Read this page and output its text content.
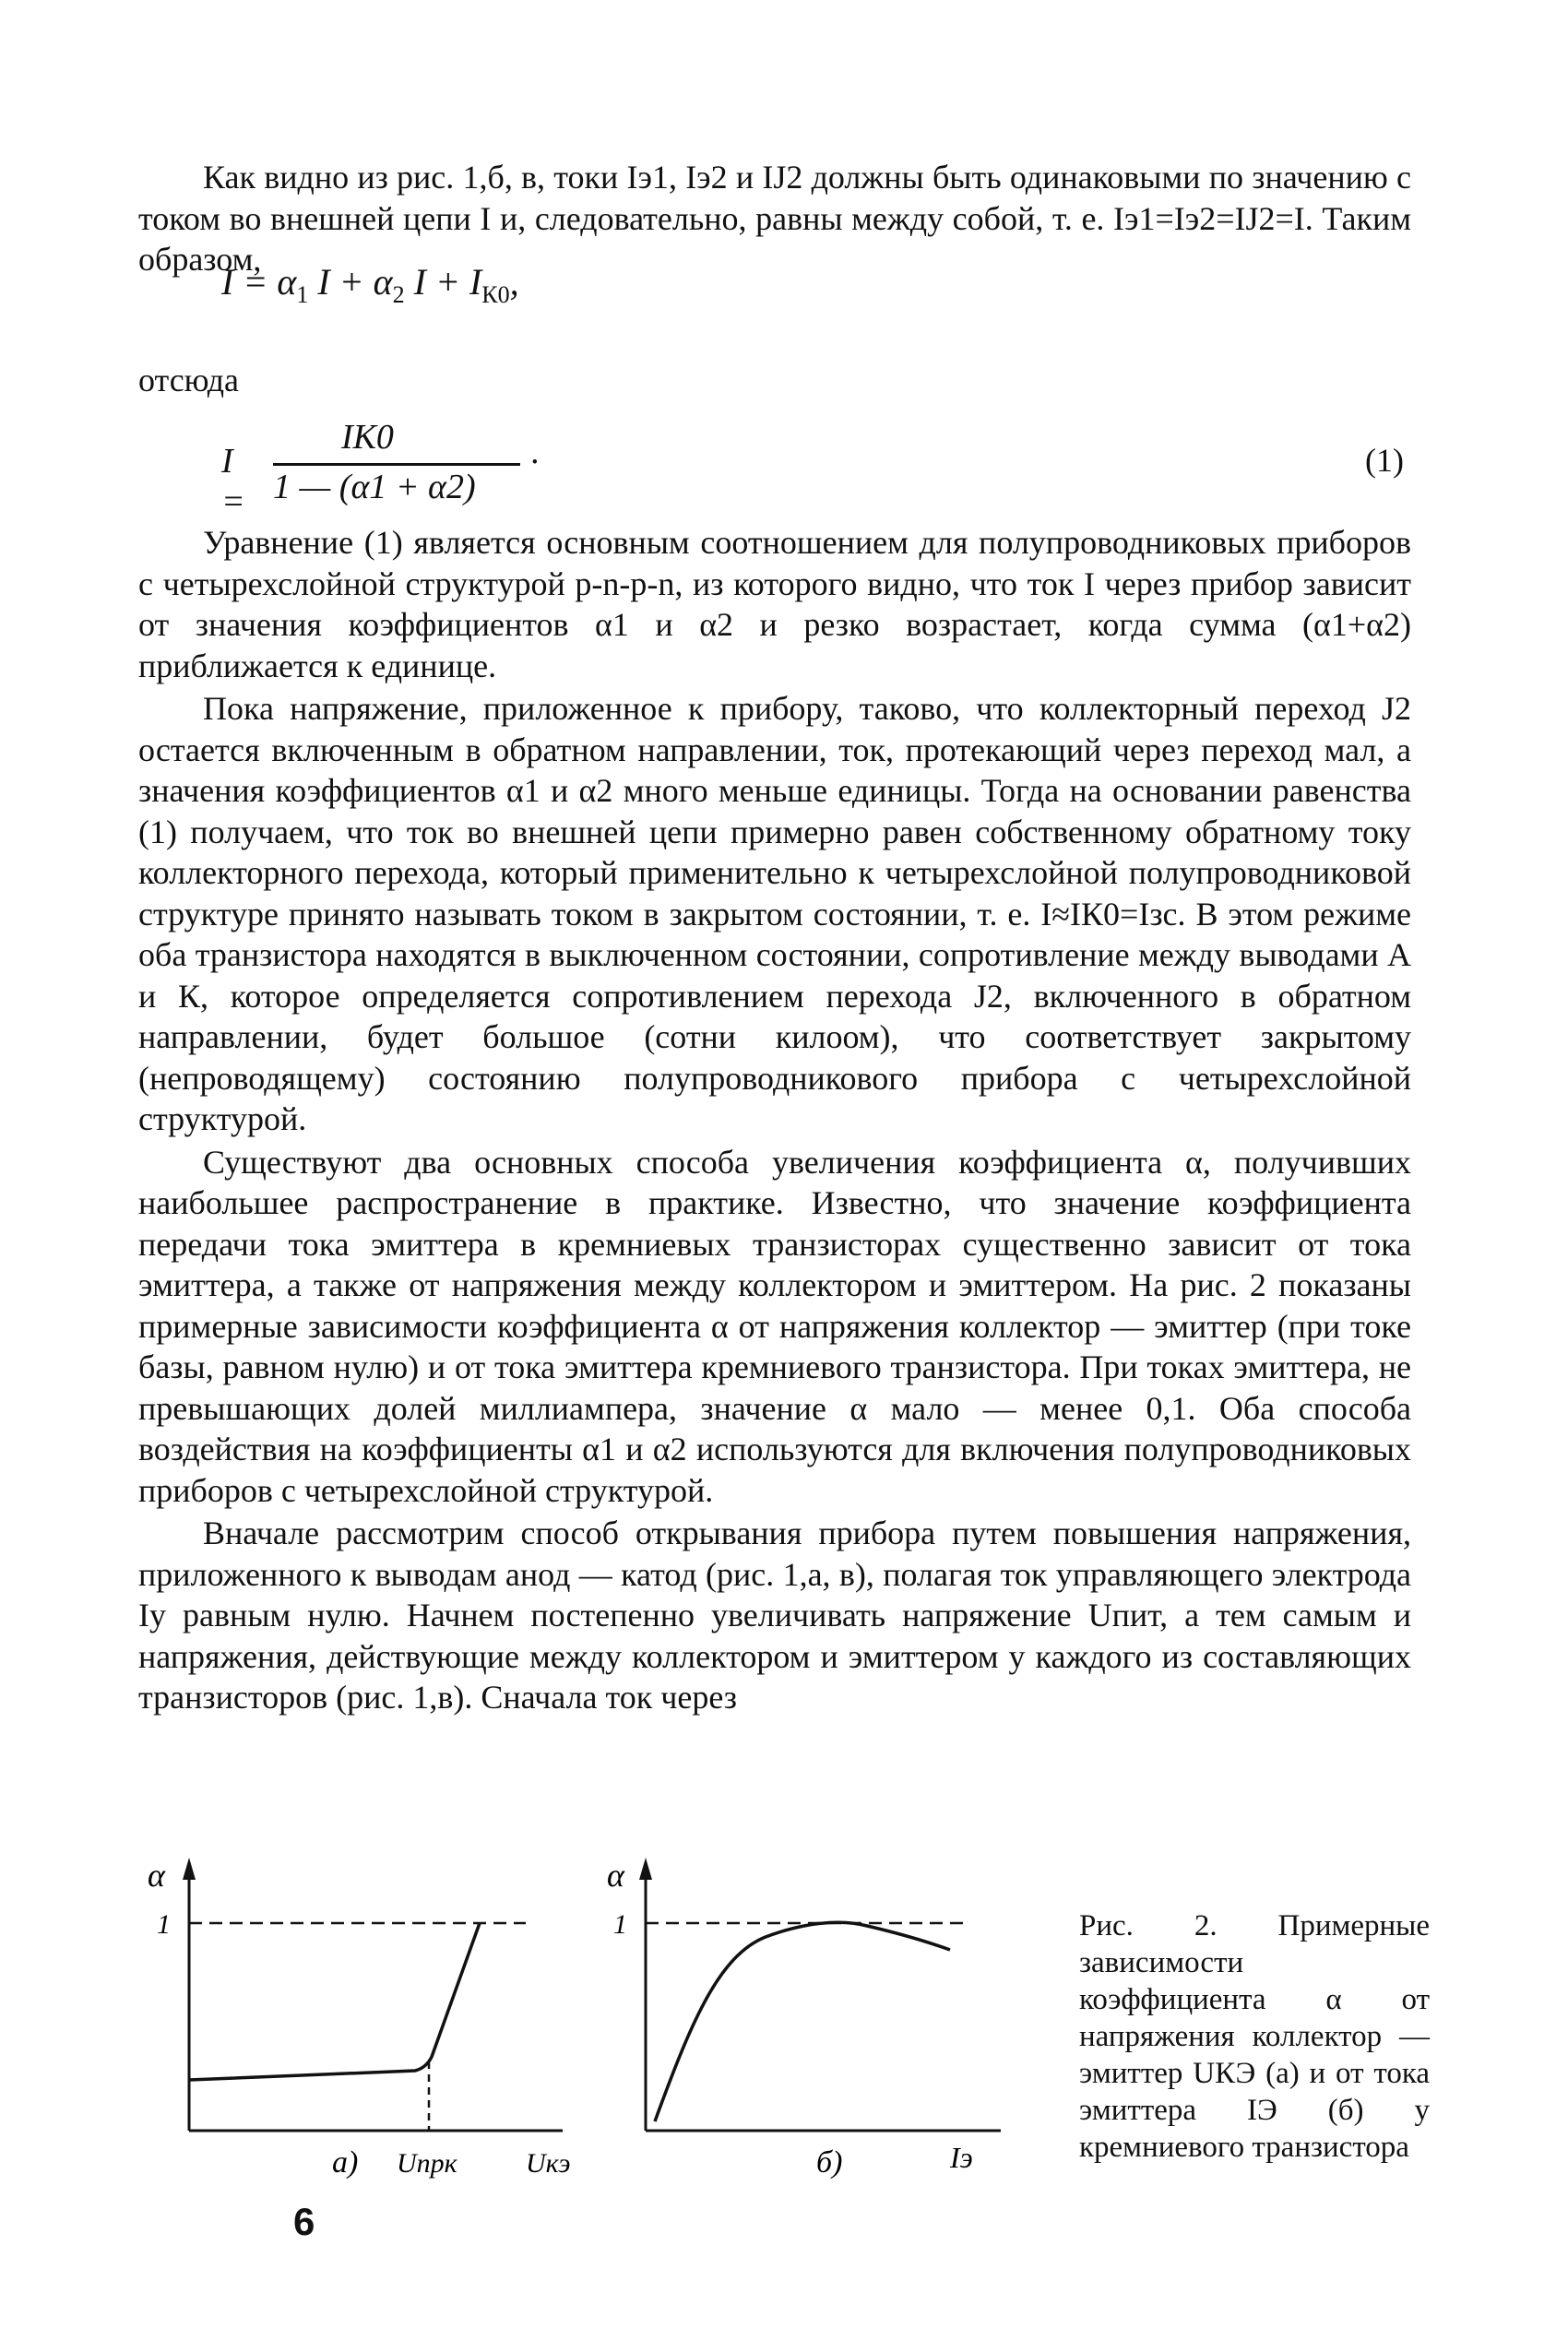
Как видно из рис. 1,б, в, токи Iэ1, Iэ2 и IJ2 должны быть одинаковыми по значению с током во внешней цепи I и, следовательно, равны между собой, т. е. Iэ1=Iэ2=IJ2=I. Таким образом,

$I = \alpha_1$ $I + \alpha_2$ $I + I_{К0}$,

отсюда

I =
IК0
1 — (α1 + α2)
.	(1)

Уравнение (1) является основным соотношением для полупроводниковых приборов с четырехслойной структурой p-n-p-n, из которого видно, что ток I через прибор зависит от значения коэффициентов α1 и α2 и резко возрастает, когда сумма (α1+α2) приближается к единице.

Пока напряжение, приложенное к прибору, таково, что коллекторный переход J2 остается включенным в обратном направлении, ток, протекающий через переход мал, а значения коэффициентов α1 и α2 много меньше единицы. Тогда на основании равенства (1) получаем, что ток во внешней цепи примерно равен собственному обратному току коллекторного перехода, который применительно к четырехслойной полупроводниковой структуре принято называть током в закрытом состоянии, т. е. I≈IК0=Iзс. В этом режиме оба транзистора находятся в выключенном состоянии, сопротивление между выводами А и К, которое определяется сопротивлением перехода J2, включенного в обратном направлении, будет большое (сотни килоом), что соответствует закрытому (непроводящему) состоянию полупроводникового прибора с четырехслойной структурой.

Существуют два основных способа увеличения коэффициента α, получивших наибольшее распространение в практике. Известно, что значение коэффициента передачи тока эмиттера в кремниевых транзисторах существенно зависит от тока эмиттера, а также от напряжения между коллектором и эмиттером. На рис. 2 показаны примерные зависимости коэффициента α от напряжения коллектор — эмиттер (при токе базы, равном нулю) и от тока эмиттера кремниевого транзистора. При токах эмиттера, не превышающих долей миллиампера, значение α мало — менее 0,1. Оба способа воздействия на коэффициенты α1 и α2 используются для включения полупроводниковых приборов с четырехслойной структурой.

Вначале рассмотрим способ открывания прибора путем повышения напряжения, приложенного к выводам анод — катод (рис. 1,а, в), полагая ток управляющего электрода Iу равным нулю. Начнем постепенно увеличивать напряжение Uпит, а тем самым и напряжения, действующие между коллектором и эмиттером у каждого из составляющих транзисторов (рис. 1,в). Сначала ток через

α
1
Uпрк Uкэ
а)
α
1
б)	Iэ
Рис. 2. Примерные зависимости коэффициента α от напряжения коллектор — эмиттер UКЭ (а) и от тока эмиттера IЭ (б) у кремниевого транзистора
6
